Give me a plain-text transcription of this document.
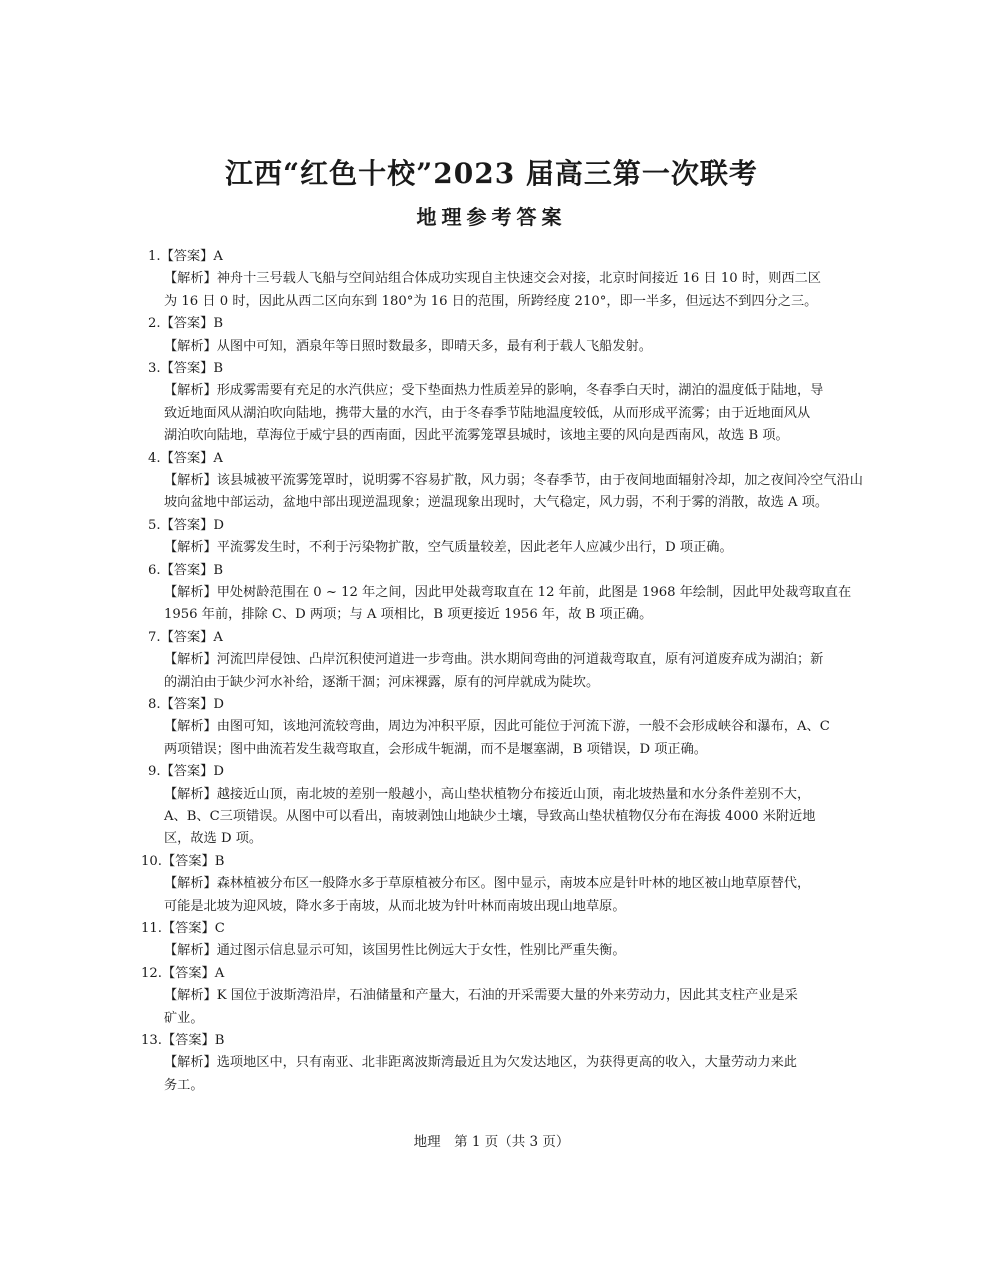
江西“红色十校”2023 届高三第一次联考
地理参考答案
1.【答案】A
【解析】神舟十三号载人飞船与空间站组合体成功实现自主快速交会对接，北京时间接近 16 日 10 时，则西二区
为 16 日 0 时，因此从西二区向东到 180°为 16 日的范围，所跨经度 210°，即一半多，但远达不到四分之三。
2.【答案】B
【解析】从图中可知，酒泉年等日照时数最多，即晴天多，最有利于载人飞船发射。
3.【答案】B
【解析】形成雾需要有充足的水汽供应；受下垫面热力性质差异的影响，冬春季白天时，湖泊的温度低于陆地，导
致近地面风从湖泊吹向陆地，携带大量的水汽，由于冬春季节陆地温度较低，从而形成平流雾；由于近地面风从
湖泊吹向陆地，草海位于威宁县的西南面，因此平流雾笼罩县城时，该地主要的风向是西南风，故选 B 项。
4.【答案】A
【解析】该县城被平流雾笼罩时，说明雾不容易扩散，风力弱；冬春季节，由于夜间地面辐射冷却，加之夜间冷空气沿山
坡向盆地中部运动，盆地中部出现逆温现象；逆温现象出现时，大气稳定，风力弱，不利于雾的消散，故选 A 项。
5.【答案】D
【解析】平流雾发生时，不利于污染物扩散，空气质量较差，因此老年人应减少出行，D 项正确。
6.【答案】B
【解析】甲处树龄范围在 0 ~ 12 年之间，因此甲处裁弯取直在 12 年前，此图是 1968 年绘制，因此甲处裁弯取直在
1956 年前，排除 C、D 两项；与 A 项相比，B 项更接近 1956 年，故 B 项正确。
7.【答案】A
【解析】河流凹岸侵蚀、凸岸沉积使河道进一步弯曲。洪水期间弯曲的河道裁弯取直，原有河道废弃成为湖泊；新
的湖泊由于缺少河水补给，逐渐干涸；河床裸露，原有的河岸就成为陡坎。
8.【答案】D
【解析】由图可知，该地河流较弯曲，周边为冲积平原，因此可能位于河流下游，一般不会形成峡谷和瀑布，A、C
两项错误；图中曲流若发生裁弯取直，会形成牛轭湖，而不是堰塞湖，B 项错误，D 项正确。
9.【答案】D
【解析】越接近山顶，南北坡的差别一般越小，高山垫状植物分布接近山顶，南北坡热量和水分条件差别不大，
A、B、C三项错误。从图中可以看出，南坡剥蚀山地缺少土壤，导致高山垫状植物仅分布在海拔 4000 米附近地
区，故选 D 项。
10.【答案】B
【解析】森林植被分布区一般降水多于草原植被分布区。图中显示，南坡本应是针叶林的地区被山地草原替代，
可能是北坡为迎风坡，降水多于南坡，从而北坡为针叶林而南坡出现山地草原。
11.【答案】C
【解析】通过图示信息显示可知，该国男性比例远大于女性，性别比严重失衡。
12.【答案】A
【解析】K 国位于波斯湾沿岸，石油储量和产量大，石油的开采需要大量的外来劳动力，因此其支柱产业是采
矿业。
13.【答案】B
【解析】选项地区中，只有南亚、北非距离波斯湾最近且为欠发达地区，为获得更高的收入，大量劳动力来此
务工。
地理　第 1 页（共 3 页）
